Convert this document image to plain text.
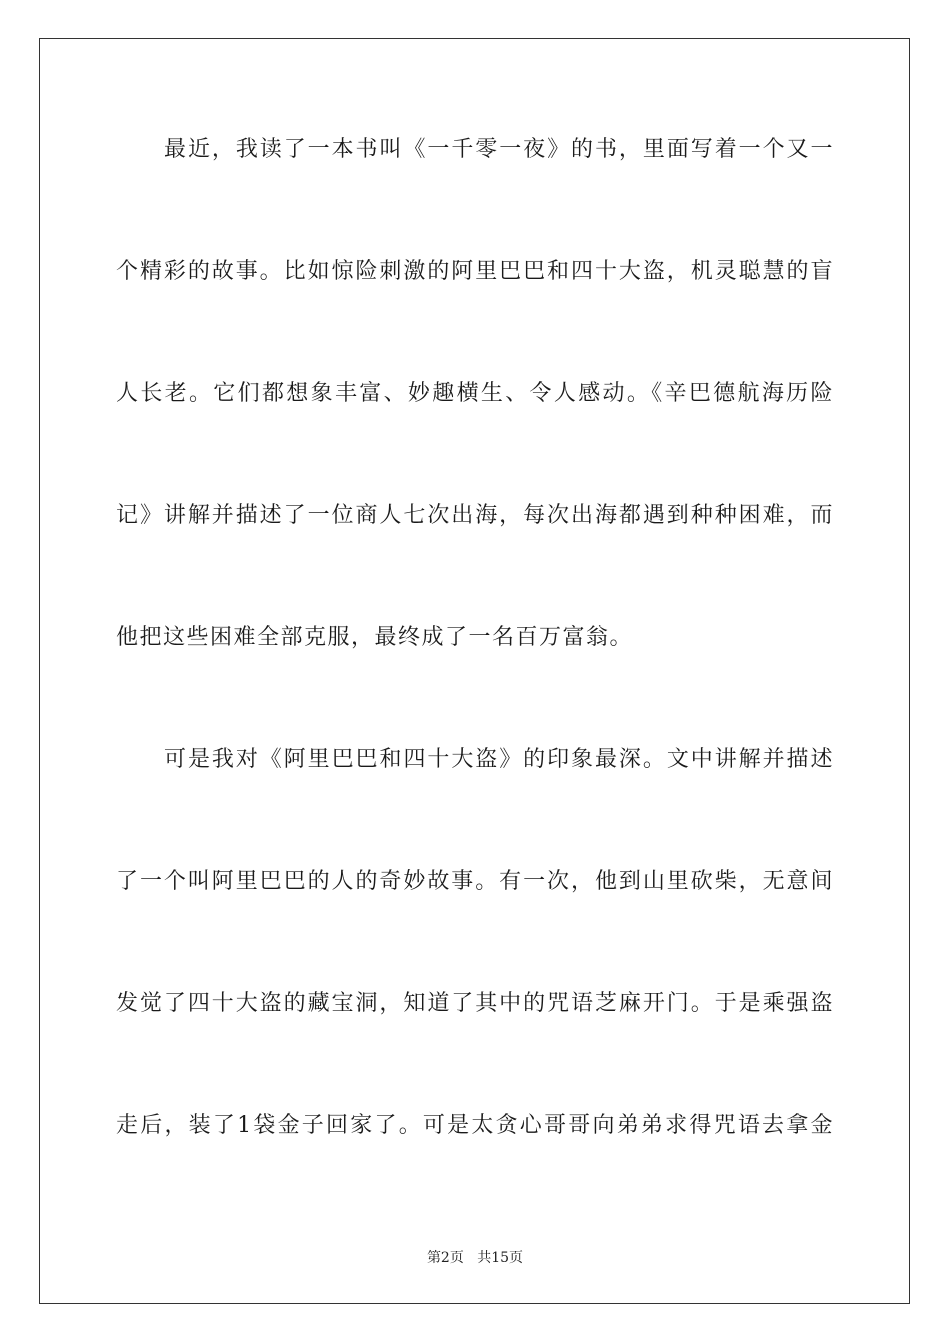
最近，我读了一本书叫《一千零一夜》的书，里面写着一个又一
个精彩的故事。比如惊险刺激的阿里巴巴和四十大盗，机灵聪慧的盲
人长老。它们都想象丰富、妙趣横生、令人感动。《辛巴德航海历险
记》讲解并描述了一位商人七次出海，每次出海都遇到种种困难，而
他把这些困难全部克服，最终成了一名百万富翁。
可是我对《阿里巴巴和四十大盗》的印象最深。文中讲解并描述
了一个叫阿里巴巴的人的奇妙故事。有一次，他到山里砍柴，无意间
发觉了四十大盗的藏宝洞，知道了其中的咒语芝麻开门。于是乘强盗
走后，装了1袋金子回家了。可是太贪心哥哥向弟弟求得咒语去拿金
第2页 共15页
